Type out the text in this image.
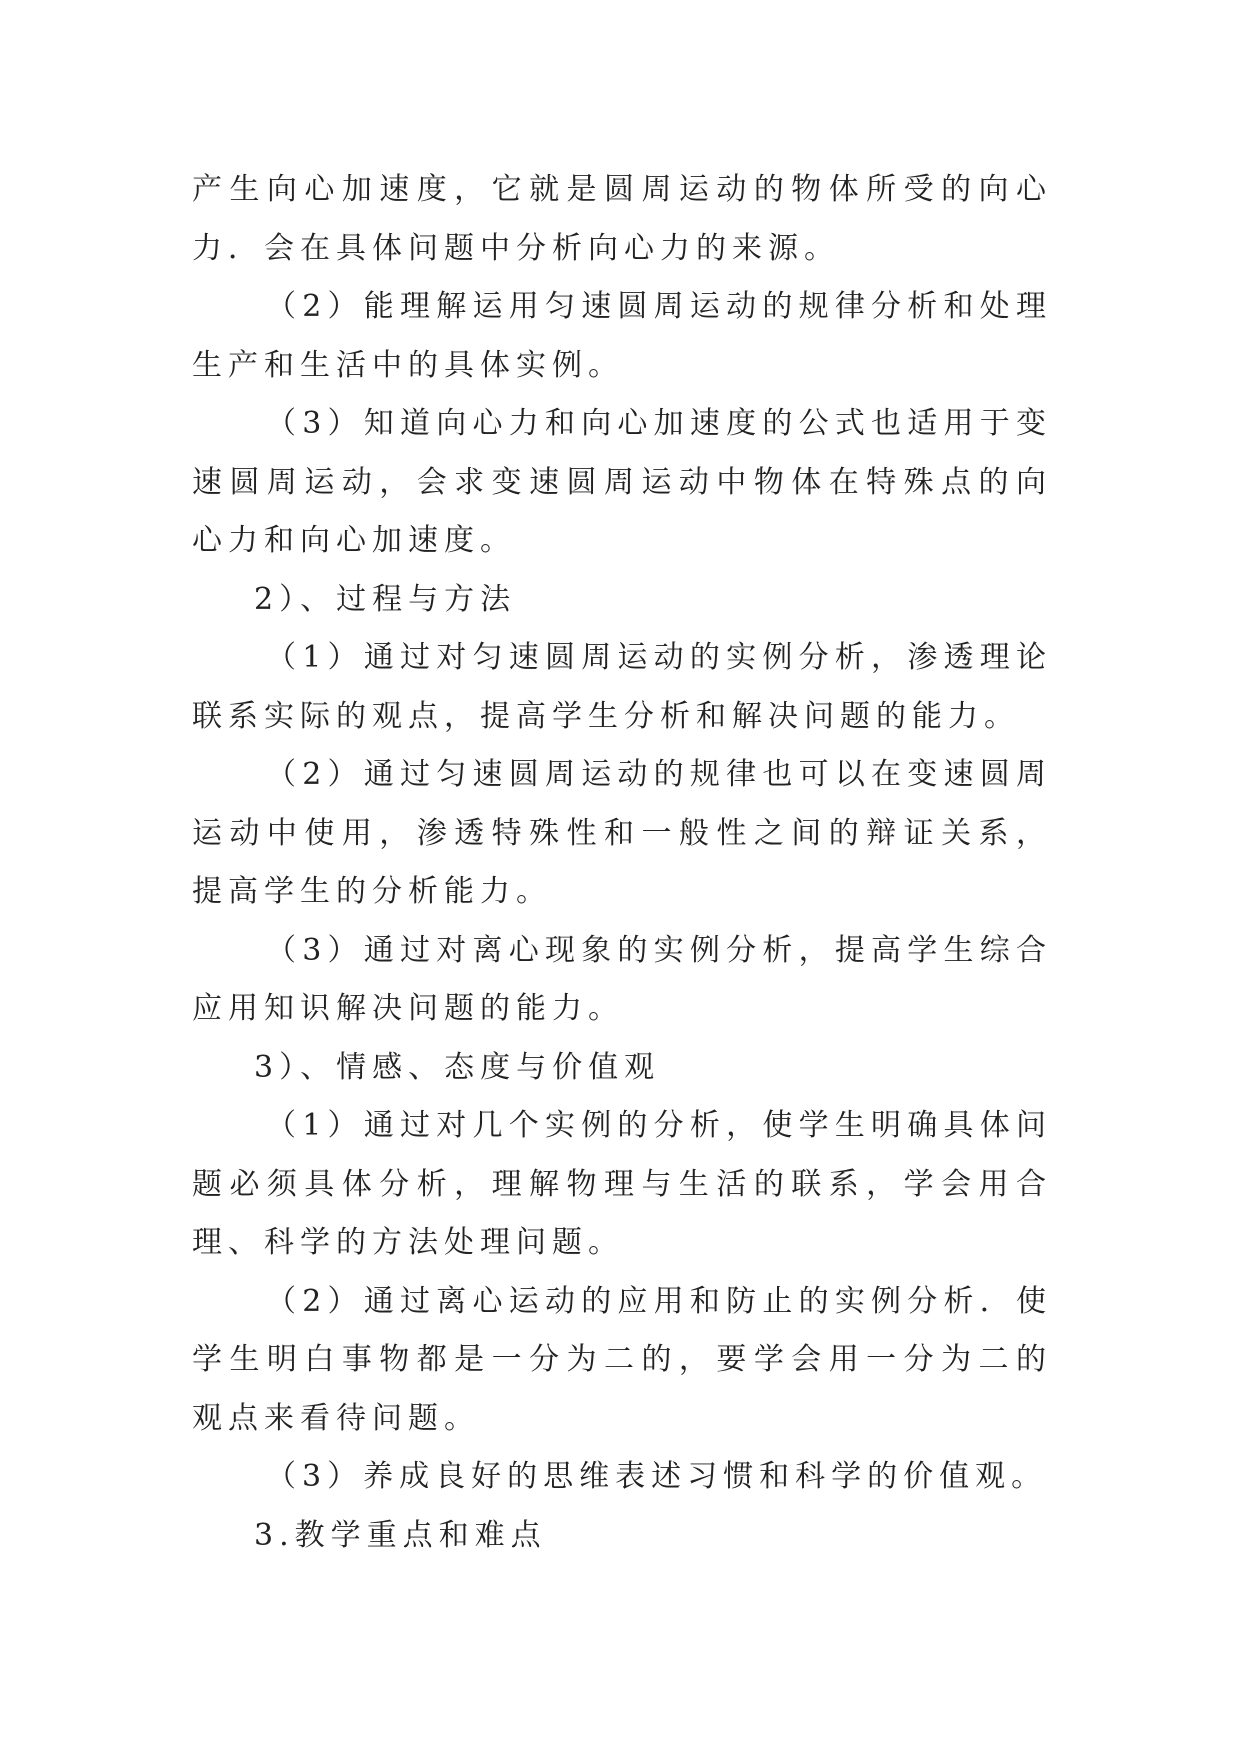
产生向心加速度，它就是圆周运动的物体所受的向心力．会在具体问题中分析向心力的来源。

（2）能理解运用匀速圆周运动的规律分析和处理生产和生活中的具体实例。

（3）知道向心力和向心加速度的公式也适用于变速圆周运动，会求变速圆周运动中物体在特殊点的向心力和向心加速度。

2）、过程与方法

（1）通过对匀速圆周运动的实例分析，渗透理论联系实际的观点，提高学生分析和解决问题的能力。

（2）通过匀速圆周运动的规律也可以在变速圆周运动中使用，渗透特殊性和一般性之间的辩证关系，提高学生的分析能力。

（3）通过对离心现象的实例分析，提高学生综合应用知识解决问题的能力。

3）、情感、态度与价值观

（1）通过对几个实例的分析，使学生明确具体问题必须具体分析，理解物理与生活的联系，学会用合理、科学的方法处理问题。

（2）通过离心运动的应用和防止的实例分析．使学生明白事物都是一分为二的，要学会用一分为二的观点来看待问题。

（3）养成良好的思维表述习惯和科学的价值观。

3.教学重点和难点
